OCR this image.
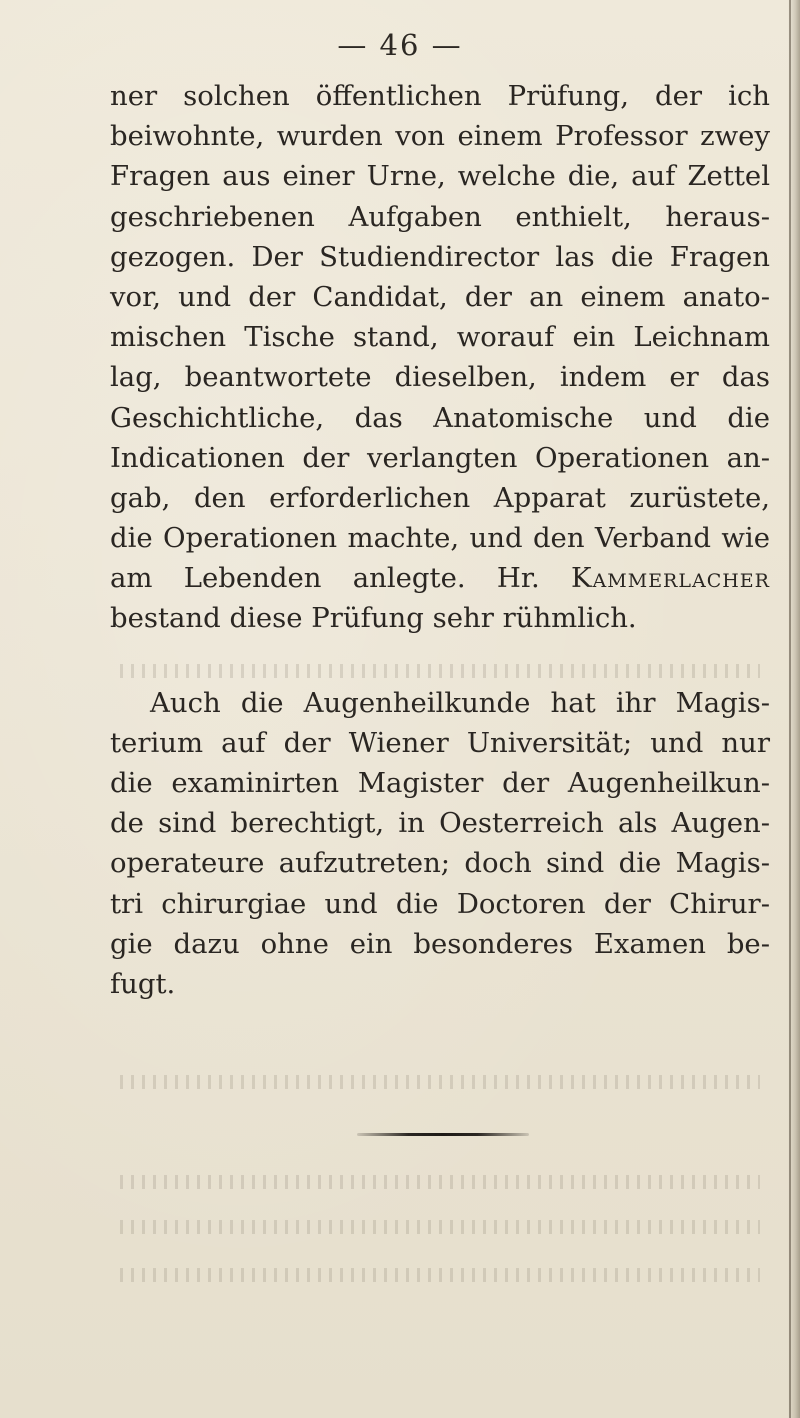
— 46 —
ner solchen öffentlichen Prüfung, der ich
beiwohnte, wurden von einem Professor zwey
Fragen aus einer Urne, welche die, auf Zettel
geschriebenen Aufgaben enthielt, heraus-
gezogen. Der Studiendirector las die Fragen
vor, und der Candidat, der an einem anato-
mischen Tische stand, worauf ein Leichnam
lag, beantwortete dieselben, indem er das
Geschichtliche, das Anatomische und die
Indicationen der verlangten Operationen an-
gab, den erforderlichen Apparat zurüstete,
die Operationen machte, und den Verband wie
am Lebenden anlegte. Hr. Kammerlacher
bestand diese Prüfung sehr rühmlich.
Auch die Augenheilkunde hat ihr Magis-
terium auf der Wiener Universität; und nur
die examinirten Magister der Augenheilkun-
de sind berechtigt, in Oesterreich als Augen-
operateure aufzutreten; doch sind die Magis-
tri chirurgiae und die Doctoren der Chirur-
gie dazu ohne ein besonderes Examen be-
fugt.
